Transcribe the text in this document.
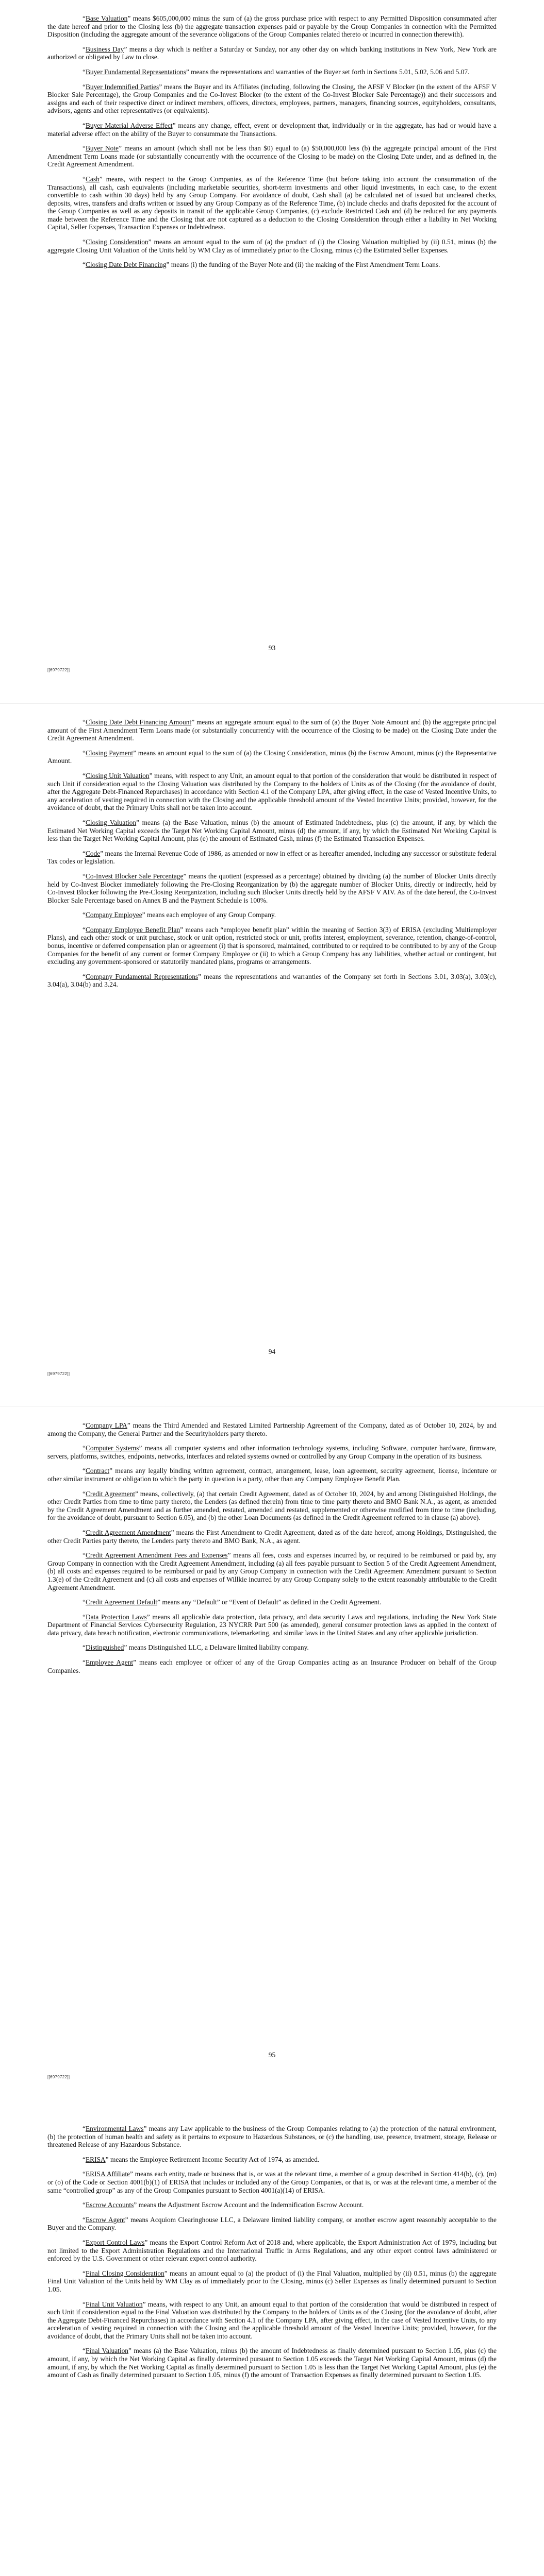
“Base Valuation” means $605,000,000 minus the sum of (a) the gross purchase price with respect to any Permitted Disposition consummated after the date hereof and prior to the Closing less (b) the aggregate transaction expenses paid or payable by the Group Companies in connection with the Permitted Disposition (including the aggregate amount of the severance obligations of the Group Companies related thereto or incurred in connection therewith).

“Business Day” means a day which is neither a Saturday or Sunday, nor any other day on which banking institutions in New York, New York are authorized or obligated by Law to close.

“Buyer Fundamental Representations” means the representations and warranties of the Buyer set forth in Sections 5.01, 5.02, 5.06 and 5.07.

“Buyer Indemnified Parties” means the Buyer and its Affiliates (including, following the Closing, the AFSF V Blocker (in the extent of the AFSF V Blocker Sale Percentage), the Group Companies and the Co-Invest Blocker (to the extent of the Co-Invest Blocker Sale Percentage)) and their successors and assigns and each of their respective direct or indirect members, officers, directors, employees, partners, managers, financing sources, equityholders, consultants, advisors, agents and other representatives (or equivalents).

“Buyer Material Adverse Effect” means any change, effect, event or development that, individually or in the aggregate, has had or would have a material adverse effect on the ability of the Buyer to consummate the Transactions.

“Buyer Note” means an amount (which shall not be less than $0) equal to (a) $50,000,000 less (b) the aggregate principal amount of the First Amendment Term Loans made (or substantially concurrently with the occurrence of the Closing to be made) on the Closing Date under, and as defined in, the Credit Agreement Amendment.

“Cash” means, with respect to the Group Companies, as of the Reference Time (but before taking into account the consummation of the Transactions), all cash, cash equivalents (including marketable securities, short-term investments and other liquid investments, in each case, to the extent convertible to cash within 30 days) held by any Group Company. For avoidance of doubt, Cash shall (a) be calculated net of issued but uncleared checks, deposits, wires, transfers and drafts written or issued by any Group Company as of the Reference Time, (b) include checks and drafts deposited for the account of the Group Companies as well as any deposits in transit of the applicable Group Companies, (c) exclude Restricted Cash and (d) be reduced for any payments made between the Reference Time and the Closing that are not captured as a deduction to the Closing Consideration through either a liability in Net Working Capital, Seller Expenses, Transaction Expenses or Indebtedness.

“Closing Consideration” means an amount equal to the sum of (a) the product of (i) the Closing Valuation multiplied by (ii) 0.51, minus (b) the aggregate Closing Unit Valuation of the Units held by WM Clay as of immediately prior to the Closing, minus (c) the Estimated Seller Expenses.

“Closing Date Debt Financing” means (i) the funding of the Buyer Note and (ii) the making of the First Amendment Term Loans.

93
[[6979722]]

“Closing Date Debt Financing Amount” means an aggregate amount equal to the sum of (a) the Buyer Note Amount and (b) the aggregate principal amount of the First Amendment Term Loans made (or substantially concurrently with the occurrence of the Closing to be made) on the Closing Date under the Credit Agreement Amendment.

“Closing Payment” means an amount equal to the sum of (a) the Closing Consideration, minus (b) the Escrow Amount, minus (c) the Representative Amount.

“Closing Unit Valuation” means, with respect to any Unit, an amount equal to that portion of the consideration that would be distributed in respect of such Unit if consideration equal to the Closing Valuation was distributed by the Company to the holders of Units as of the Closing (for the avoidance of doubt, after the Aggregate Debt-Financed Repurchases) in accordance with Section 4.1 of the Company LPA, after giving effect, in the case of Vested Incentive Units, to any acceleration of vesting required in connection with the Closing and the applicable threshold amount of the Vested Incentive Units; provided, however, for the avoidance of doubt, that the Primary Units shall not be taken into account.

“Closing Valuation” means (a) the Base Valuation, minus (b) the amount of Estimated Indebtedness, plus (c) the amount, if any, by which the Estimated Net Working Capital exceeds the Target Net Working Capital Amount, minus (d) the amount, if any, by which the Estimated Net Working Capital is less than the Target Net Working Capital Amount, plus (e) the amount of Estimated Cash, minus (f) the Estimated Transaction Expenses.

“Code” means the Internal Revenue Code of 1986, as amended or now in effect or as hereafter amended, including any successor or substitute federal Tax codes or legislation.

“Co-Invest Blocker Sale Percentage” means the quotient (expressed as a percentage) obtained by dividing (a) the number of Blocker Units directly held by Co-Invest Blocker immediately following the Pre-Closing Reorganization by (b) the aggregate number of Blocker Units, directly or indirectly, held by Co-Invest Blocker following the Pre-Closing Reorganization, including such Blocker Units directly held by the AFSF V AIV. As of the date hereof, the Co-Invest Blocker Sale Percentage based on Annex B and the Payment Schedule is 100%.

“Company Employee” means each employee of any Group Company.

“Company Employee Benefit Plan” means each “employee benefit plan” within the meaning of Section 3(3) of ERISA (excluding Multiemployer Plans), and each other stock or unit purchase, stock or unit option, restricted stock or unit, profits interest, employment, severance, retention, change-of-control, bonus, incentive or deferred compensation plan or agreement (i) that is sponsored, maintained, contributed to or required to be contributed to by any of the Group Companies for the benefit of any current or former Company Employee or (ii) to which a Group Company has any liabilities, whether actual or contingent, but excluding any government-sponsored or statutorily mandated plans, programs or arrangements.

“Company Fundamental Representations” means the representations and warranties of the Company set forth in Sections 3.01, 3.03(a), 3.03(c), 3.04(a), 3.04(b) and 3.24.

94
[[6979722]]

“Company LPA” means the Third Amended and Restated Limited Partnership Agreement of the Company, dated as of October 10, 2024, by and among the Company, the General Partner and the Securityholders party thereto.

“Computer Systems” means all computer systems and other information technology systems, including Software, computer hardware, firmware, servers, platforms, switches, endpoints, networks, interfaces and related systems owned or controlled by any Group Company in the operation of its business.

“Contract” means any legally binding written agreement, contract, arrangement, lease, loan agreement, security agreement, license, indenture or other similar instrument or obligation to which the party in question is a party, other than any Company Employee Benefit Plan.

“Credit Agreement” means, collectively, (a) that certain Credit Agreement, dated as of October 10, 2024, by and among Distinguished Holdings, the other Credit Parties from time to time party thereto, the Lenders (as defined therein) from time to time party thereto and BMO Bank N.A., as agent, as amended by the Credit Agreement Amendment and as further amended, restated, amended and restated, supplemented or otherwise modified from time to time (including, for the avoidance of doubt, pursuant to Section 6.05), and (b) the other Loan Documents (as defined in the Credit Agreement referred to in clause (a) above).

“Credit Agreement Amendment” means the First Amendment to Credit Agreement, dated as of the date hereof, among Holdings, Distinguished, the other Credit Parties party thereto, the Lenders party thereto and BMO Bank, N.A., as agent.

“Credit Agreement Amendment Fees and Expenses” means all fees, costs and expenses incurred by, or required to be reimbursed or paid by, any Group Company in connection with the Credit Agreement Amendment, including (a) all fees payable pursuant to Section 5 of the Credit Agreement Amendment, (b) all costs and expenses required to be reimbursed or paid by any Group Company in connection with the Credit Agreement Amendment pursuant to Section 1.3(e) of the Credit Agreement and (c) all costs and expenses of Willkie incurred by any Group Company solely to the extent reasonably attributable to the Credit Agreement Amendment.

“Credit Agreement Default” means any “Default” or “Event of Default” as defined in the Credit Agreement.

“Data Protection Laws” means all applicable data protection, data privacy, and data security Laws and regulations, including the New York State Department of Financial Services Cybersecurity Regulation, 23 NYCRR Part 500 (as amended), general consumer protection laws as applied in the context of data privacy, data breach notification, electronic communications, telemarketing, and similar laws in the United States and any other applicable jurisdiction.

“Distinguished” means Distinguished LLC, a Delaware limited liability company.

“Employee Agent” means each employee or officer of any of the Group Companies acting as an Insurance Producer on behalf of the Group Companies.

95
[[6979722]]

“Environmental Laws” means any Law applicable to the business of the Group Companies relating to (a) the protection of the natural environment, (b) the protection of human health and safety as it pertains to exposure to Hazardous Substances, or (c) the handling, use, presence, treatment, storage, Release or threatened Release of any Hazardous Substance.

“ERISA” means the Employee Retirement Income Security Act of 1974, as amended.

“ERISA Affiliate” means each entity, trade or business that is, or was at the relevant time, a member of a group described in Section 414(b), (c), (m) or (o) of the Code or Section 4001(b)(1) of ERISA that includes or included any of the Group Companies, or that is, or was at the relevant time, a member of the same “controlled group” as any of the Group Companies pursuant to Section 4001(a)(14) of ERISA.

“Escrow Accounts” means the Adjustment Escrow Account and the Indemnification Escrow Account.

“Escrow Agent” means Acquiom Clearinghouse LLC, a Delaware limited liability company, or another escrow agent reasonably acceptable to the Buyer and the Company.

“Export Control Laws” means the Export Control Reform Act of 2018 and, where applicable, the Export Administration Act of 1979, including but not limited to the Export Administration Regulations and the International Traffic in Arms Regulations, and any other export control laws administered or enforced by the U.S. Government or other relevant export control authority.

“Final Closing Consideration” means an amount equal to (a) the product of (i) the Final Valuation, multiplied by (ii) 0.51, minus (b) the aggregate Final Unit Valuation of the Units held by WM Clay as of immediately prior to the Closing, minus (c) Seller Expenses as finally determined pursuant to Section 1.05.

“Final Unit Valuation” means, with respect to any Unit, an amount equal to that portion of the consideration that would be distributed in respect of such Unit if consideration equal to the Final Valuation was distributed by the Company to the holders of Units as of the Closing (for the avoidance of doubt, after the Aggregate Debt-Financed Repurchases) in accordance with Section 4.1 of the Company LPA, after giving effect, in the case of Vested Incentive Units, to any acceleration of vesting required in connection with the Closing and the applicable threshold amount of the Vested Incentive Units; provided, however, for the avoidance of doubt, that the Primary Units shall not be taken into account.

“Final Valuation” means (a) the Base Valuation, minus (b) the amount of Indebtedness as finally determined pursuant to Section 1.05, plus (c) the amount, if any, by which the Net Working Capital as finally determined pursuant to Section 1.05 exceeds the Target Net Working Capital Amount, minus (d) the amount, if any, by which the Net Working Capital as finally determined pursuant to Section 1.05 is less than the Target Net Working Capital Amount, plus (e) the amount of Cash as finally determined pursuant to Section 1.05, minus (f) the amount of Transaction Expenses as finally determined pursuant to Section 1.05.
